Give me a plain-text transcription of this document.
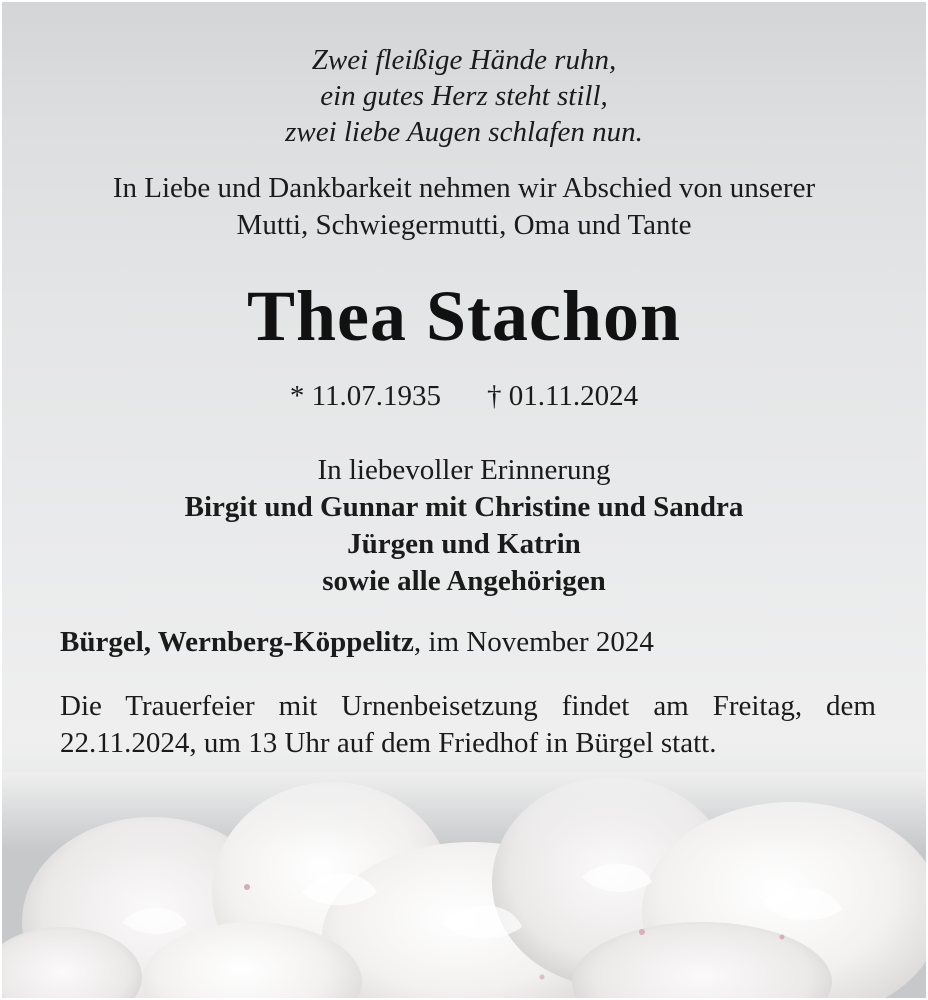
Zwei fleißige Hände ruhn,
ein gutes Herz steht still,
zwei liebe Augen schlafen nun.
In Liebe und Dankbarkeit nehmen wir Abschied von unserer
Mutti, Schwiegermutti, Oma und Tante
Thea Stachon
* 11.07.1935 † 01.11.2024
In liebevoller Erinnerung
Birgit und Gunnar mit Christine und Sandra
Jürgen und Katrin
sowie alle Angehörigen
Bürgel, Wernberg-Köppelitz, im November 2024
Die Trauerfeier mit Urnenbeisetzung findet am Freitag, dem 22.11.2024, um 13 Uhr auf dem Friedhof in Bürgel statt.
